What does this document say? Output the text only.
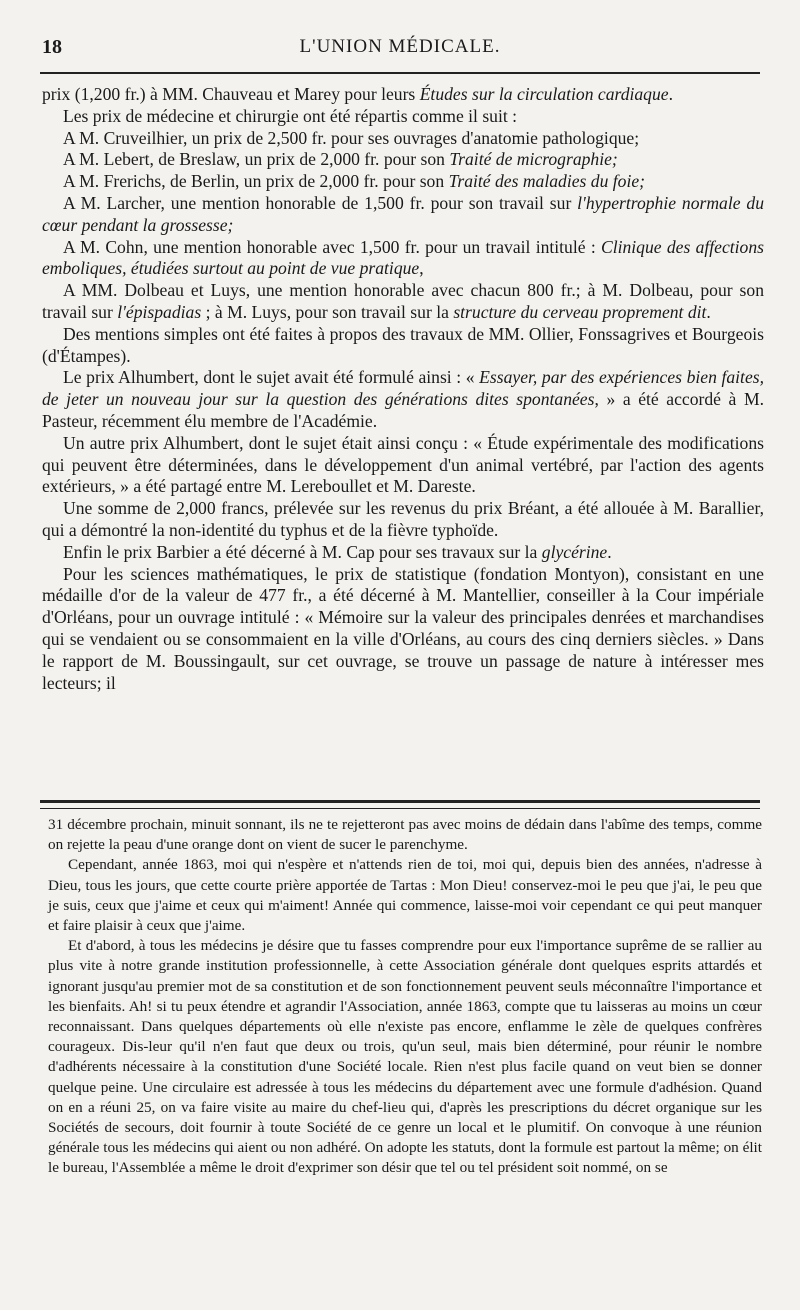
18	L'UNION MÉDICALE.

prix (1,200 fr.) à MM. Chauveau et Marey pour leurs Études sur la circulation cardiaque.

Les prix de médecine et chirurgie ont été répartis comme il suit :

A M. Cruveilhier, un prix de 2,500 fr. pour ses ouvrages d'anatomie pathologique;

A M. Lebert, de Breslaw, un prix de 2,000 fr. pour son Traité de micrographie;

A M. Frerichs, de Berlin, un prix de 2,000 fr. pour son Traité des maladies du foie;

A M. Larcher, une mention honorable de 1,500 fr. pour son travail sur l'hypertrophie normale du cœur pendant la grossesse;

A M. Cohn, une mention honorable avec 1,500 fr. pour un travail intitulé : Clinique des affections emboliques, étudiées surtout au point de vue pratique,

A MM. Dolbeau et Luys, une mention honorable avec chacun 800 fr.; à M. Dolbeau, pour son travail sur l'épispadias ; à M. Luys, pour son travail sur la structure du cerveau proprement dit.

Des mentions simples ont été faites à propos des travaux de MM. Ollier, Fonssagrives et Bourgeois (d'Étampes).

Le prix Alhumbert, dont le sujet avait été formulé ainsi : « Essayer, par des expériences bien faites, de jeter un nouveau jour sur la question des générations dites spontanées, » a été accordé à M. Pasteur, récemment élu membre de l'Académie.

Un autre prix Alhumbert, dont le sujet était ainsi conçu : « Étude expérimentale des modifications qui peuvent être déterminées, dans le développement d'un animal vertébré, par l'action des agents extérieurs, » a été partagé entre M. Lereboullet et M. Dareste.

Une somme de 2,000 francs, prélevée sur les revenus du prix Bréant, a été allouée à M. Barallier, qui a démontré la non-identité du typhus et de la fièvre typhoïde.

Enfin le prix Barbier a été décerné à M. Cap pour ses travaux sur la glycérine.

Pour les sciences mathématiques, le prix de statistique (fondation Montyon), consistant en une médaille d'or de la valeur de 477 fr., a été décerné à M. Mantellier, conseiller à la Cour impériale d'Orléans, pour un ouvrage intitulé : « Mémoire sur la valeur des principales denrées et marchandises qui se vendaient ou se consommaient en la ville d'Orléans, au cours des cinq derniers siècles. » Dans le rapport de M. Boussingault, sur cet ouvrage, se trouve un passage de nature à intéresser mes lecteurs; il

31 décembre prochain, minuit sonnant, ils ne te rejetteront pas avec moins de dédain dans l'abîme des temps, comme on rejette la peau d'une orange dont on vient de sucer le parenchyme.

Cependant, année 1863, moi qui n'espère et n'attends rien de toi, moi qui, depuis bien des années, n'adresse à Dieu, tous les jours, que cette courte prière apportée de Tartas : Mon Dieu! conservez-moi le peu que j'ai, le peu que je suis, ceux que j'aime et ceux qui m'aiment! Année qui commence, laisse-moi voir cependant ce qui peut manquer et faire plaisir à ceux que j'aime.

Et d'abord, à tous les médecins je désire que tu fasses comprendre pour eux l'importance suprême de se rallier au plus vite à notre grande institution professionnelle, à cette Association générale dont quelques esprits attardés et ignorant jusqu'au premier mot de sa constitution et de son fonctionnement peuvent seuls méconnaître l'importance et les bienfaits. Ah! si tu peux étendre et agrandir l'Association, année 1863, compte que tu laisseras au moins un cœur reconnaissant. Dans quelques départements où elle n'existe pas encore, enflamme le zèle de quelques confrères courageux. Dis-leur qu'il n'en faut que deux ou trois, qu'un seul, mais bien déterminé, pour réunir le nombre d'adhérents nécessaire à la constitution d'une Société locale. Rien n'est plus facile quand on veut bien se donner quelque peine. Une circulaire est adressée à tous les médecins du département avec une formule d'adhésion. Quand on en a réuni 25, on va faire visite au maire du chef-lieu qui, d'après les prescriptions du décret organique sur les Sociétés de secours, doit fournir à toute Société de ce genre un local et le plumitif. On convoque à une réunion générale tous les médecins qui aient ou non adhéré. On adopte les statuts, dont la formule est partout la même; on élit le bureau, l'Assemblée a même le droit d'exprimer son désir que tel ou tel président soit nommé, on se
